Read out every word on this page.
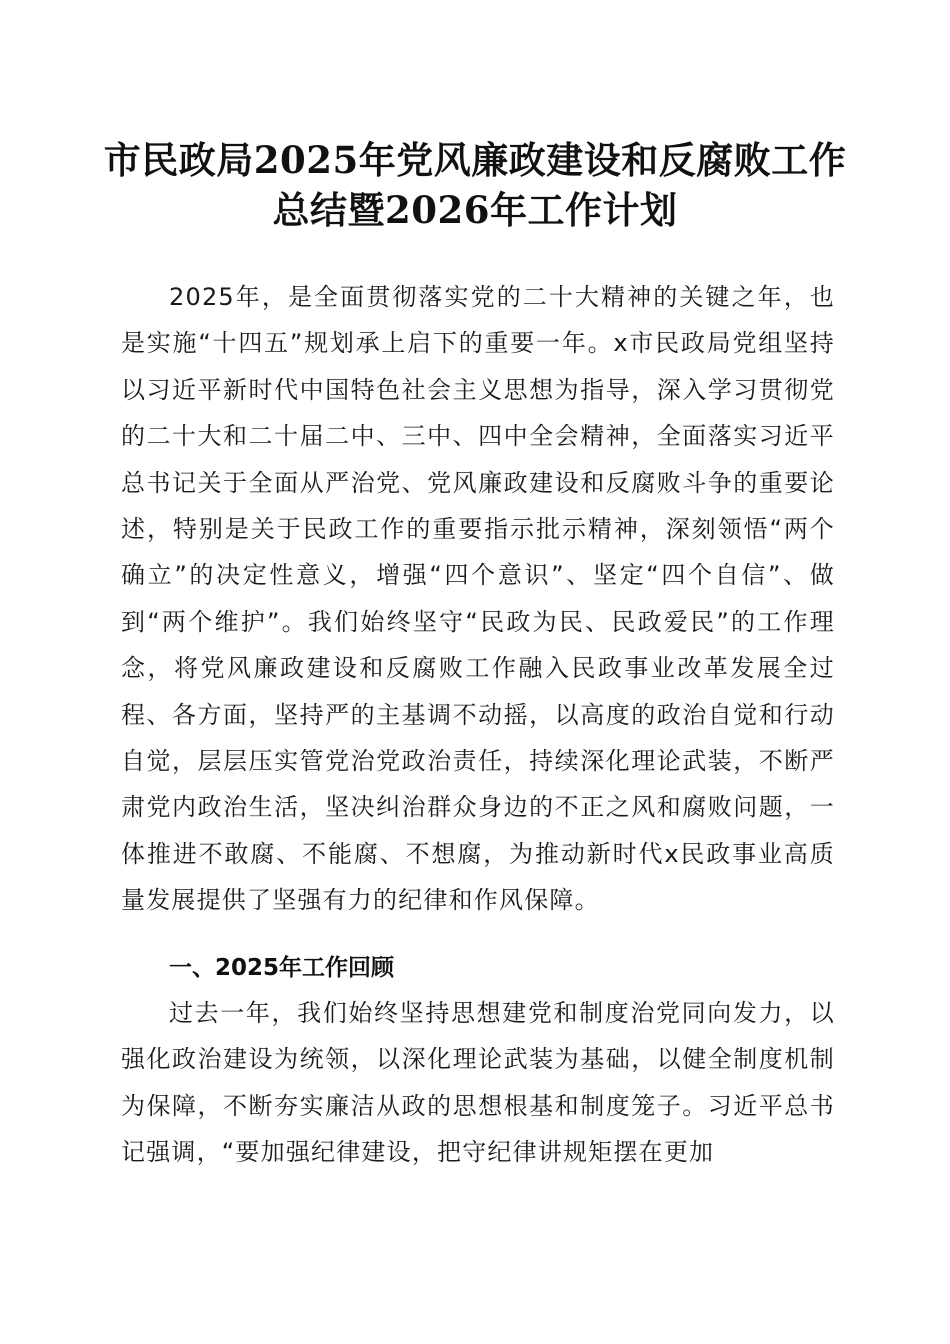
市民政局2025年党风廉政建设和反腐败工作
总结暨2026年工作计划

2025年，是全面贯彻落实党的二十大精神的关键之年，也是实施“十四五”规划承上启下的重要一年。x市民政局党组坚持以习近平新时代中国特色社会主义思想为指导，深入学习贯彻党的二十大和二十届二中、三中、四中全会精神，全面落实习近平总书记关于全面从严治党、党风廉政建设和反腐败斗争的重要论述，特别是关于民政工作的重要指示批示精神，深刻领悟“两个确立”的决定性意义，增强“四个意识”、坚定“四个自信”、做到“两个维护”。我们始终坚守“民政为民、民政爱民”的工作理念，将党风廉政建设和反腐败工作融入民政事业改革发展全过程、各方面，坚持严的主基调不动摇，以高度的政治自觉和行动自觉，层层压实管党治党政治责任，持续深化理论武装，不断严肃党内政治生活，坚决纠治群众身边的不正之风和腐败问题，一体推进不敢腐、不能腐、不想腐，为推动新时代x民政事业高质量发展提供了坚强有力的纪律和作风保障。

一、2025年工作回顾

过去一年，我们始终坚持思想建党和制度治党同向发力，以强化政治建设为统领，以深化理论武装为基础，以健全制度机制为保障，不断夯实廉洁从政的思想根基和制度笼子。习近平总书记强调，“要加强纪律建设，把守纪律讲规矩摆在更加
